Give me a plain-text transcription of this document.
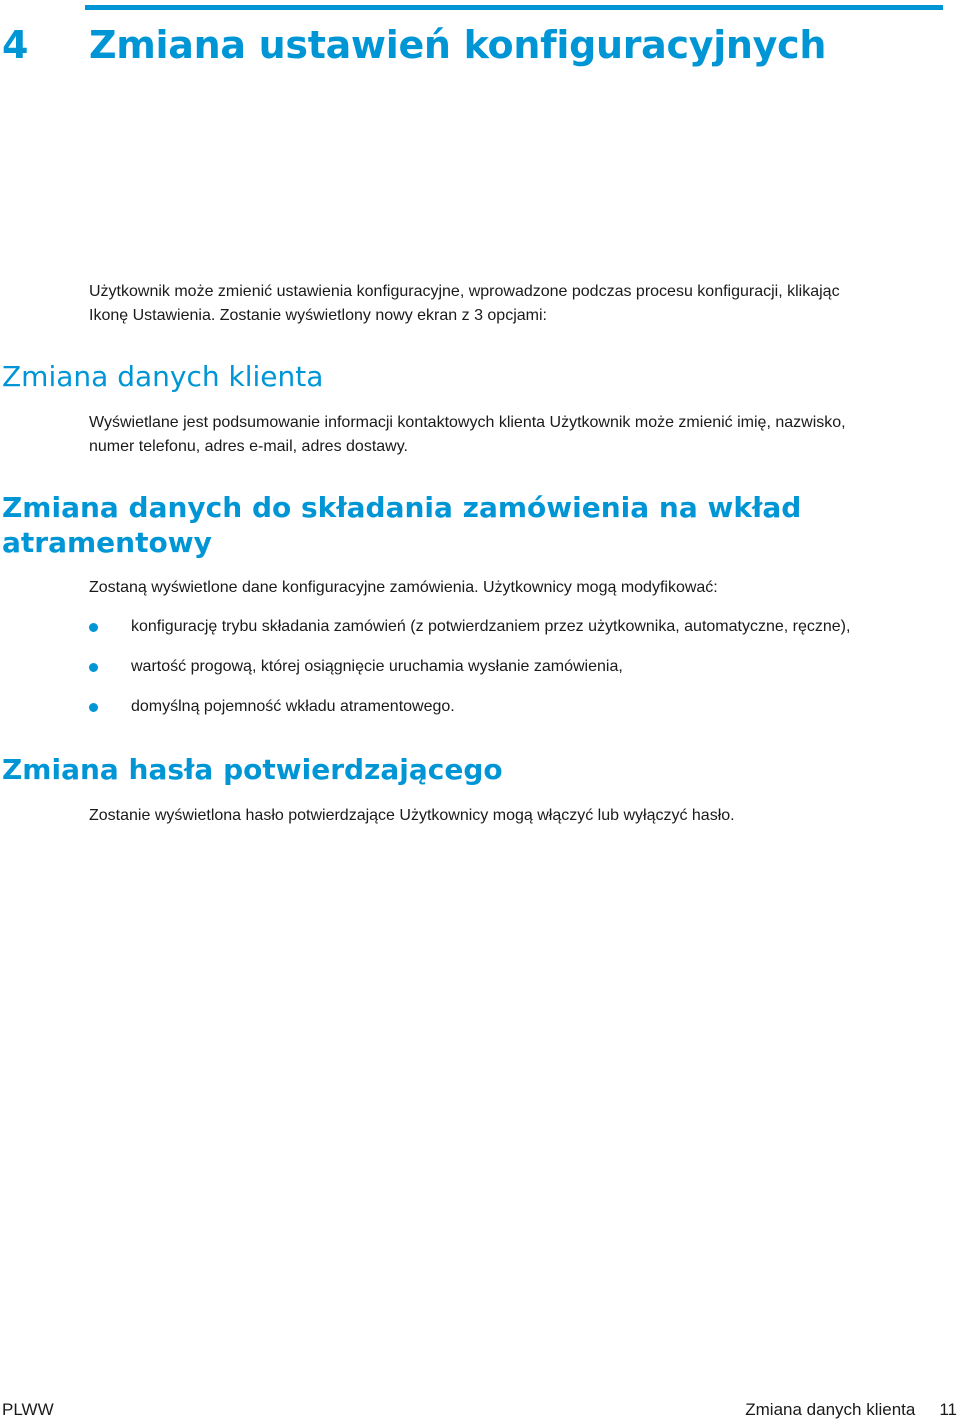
4 Zmiana ustawień konfiguracyjnych
Użytkownik może zmienić ustawienia konfiguracyjne, wprowadzone podczas procesu konfiguracji, klikając
Ikonę Ustawienia. Zostanie wyświetlony nowy ekran z 3 opcjami:
Zmiana danych klienta
Wyświetlane jest podsumowanie informacji kontaktowych klienta Użytkownik może zmienić imię, nazwisko,
numer telefonu, adres e-mail, adres dostawy.
Zmiana danych do składania zamówienia na wkład
atramentowy
Zostaną wyświetlone dane konfiguracyjne zamówienia. Użytkownicy mogą modyfikować:
konfigurację trybu składania zamówień (z potwierdzaniem przez użytkownika, automatyczne, ręczne),
wartość progową, której osiągnięcie uruchamia wysłanie zamówienia,
domyślną pojemność wkładu atramentowego.
Zmiana hasła potwierdzającego
Zostanie wyświetlona hasło potwierdzające Użytkownicy mogą włączyć lub wyłączyć hasło.
PLWW	Zmiana danych klienta 11
